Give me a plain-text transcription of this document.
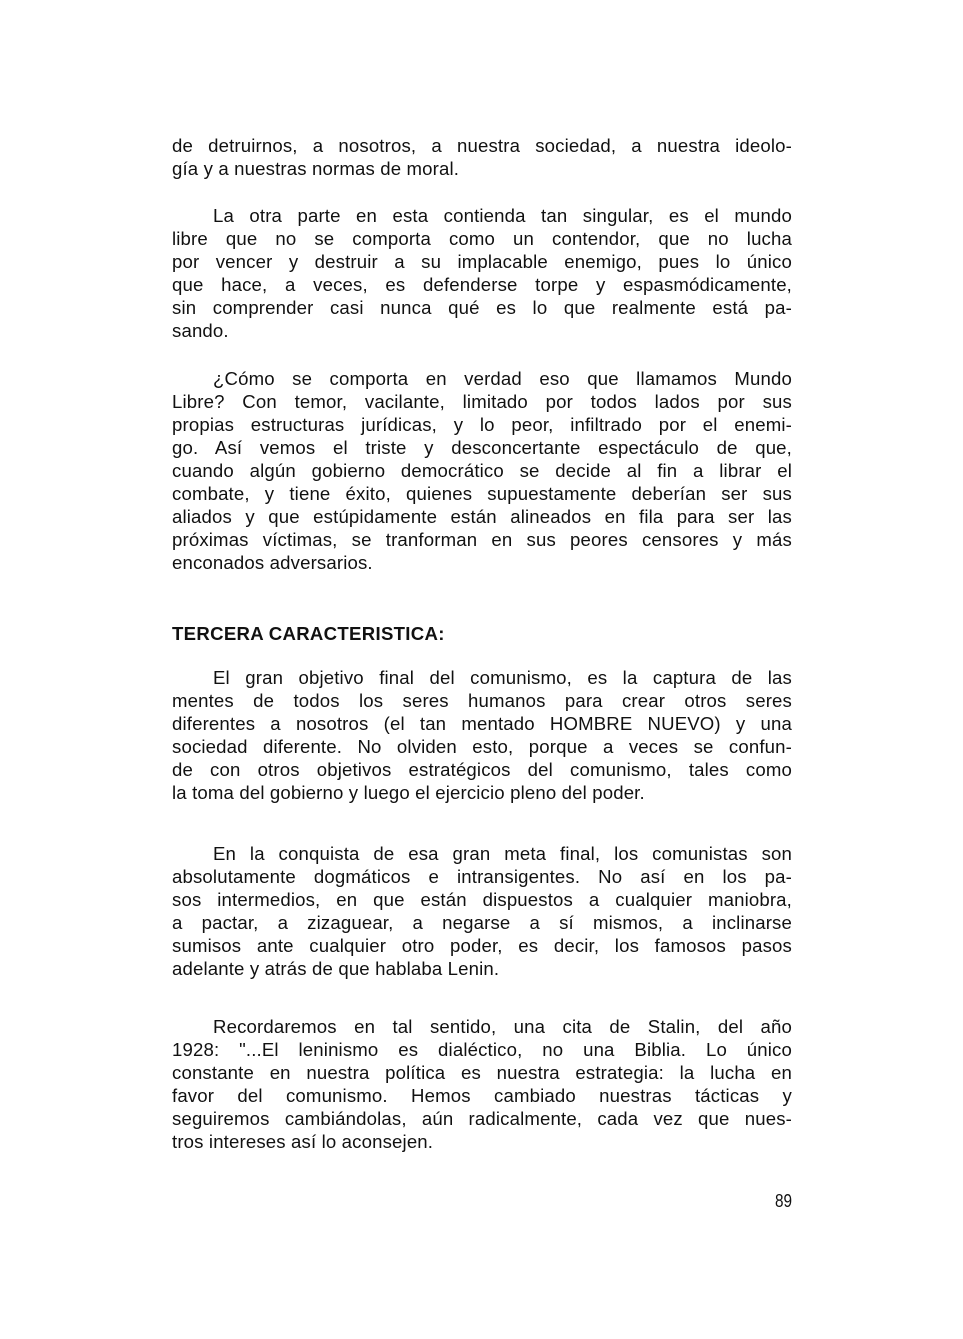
de detruirnos, a nosotros, a nuestra sociedad, a nuestra ideolo-
gía y a nuestras normas de moral.
La otra parte en esta contienda tan singular, es el mundo
libre que no se comporta como un contendor, que no lucha
por vencer y destruir a su implacable enemigo, pues lo único
que hace, a veces, es defenderse torpe y espasmódicamente,
sin comprender casi nunca qué es lo que realmente está pa-
sando.
¿Cómo se comporta en verdad eso que llamamos Mundo
Libre? Con temor, vacilante, limitado por todos lados por sus
propias estructuras jurídicas, y lo peor, infiltrado por el enemi-
go. Así vemos el triste y desconcertante espectáculo de que,
cuando algún gobierno democrático se decide al fin a librar el
combate, y tiene éxito, quienes supuestamente deberían ser sus
aliados y que estúpidamente están alineados en fila para ser las
próximas víctimas, se tranforman en sus peores censores y más
enconados adversarios.
TERCERA CARACTERISTICA:
El gran objetivo final del comunismo, es la captura de las
mentes de todos los seres humanos para crear otros seres
diferentes a nosotros (el tan mentado HOMBRE NUEVO) y una
sociedad diferente. No olviden esto, porque a veces se confun-
de con otros objetivos estratégicos del comunismo, tales como
la toma del gobierno y luego el ejercicio pleno del poder.
En la conquista de esa gran meta final, los comunistas son
absolutamente dogmáticos e intransigentes. No así en los pa-
sos intermedios, en que están dispuestos a cualquier maniobra,
a pactar, a zizaguear, a negarse a sí mismos, a inclinarse
sumisos ante cualquier otro poder, es decir, los famosos pasos
adelante y atrás de que hablaba Lenin.
Recordaremos en tal sentido, una cita de Stalin, del año
1928: "...El leninismo es dialéctico, no una Biblia. Lo único
constante en nuestra política es nuestra estrategia: la lucha en
favor del comunismo. Hemos cambiado nuestras tácticas y
seguiremos cambiándolas, aún radicalmente, cada vez que nues-
tros intereses así lo aconsejen.
89
